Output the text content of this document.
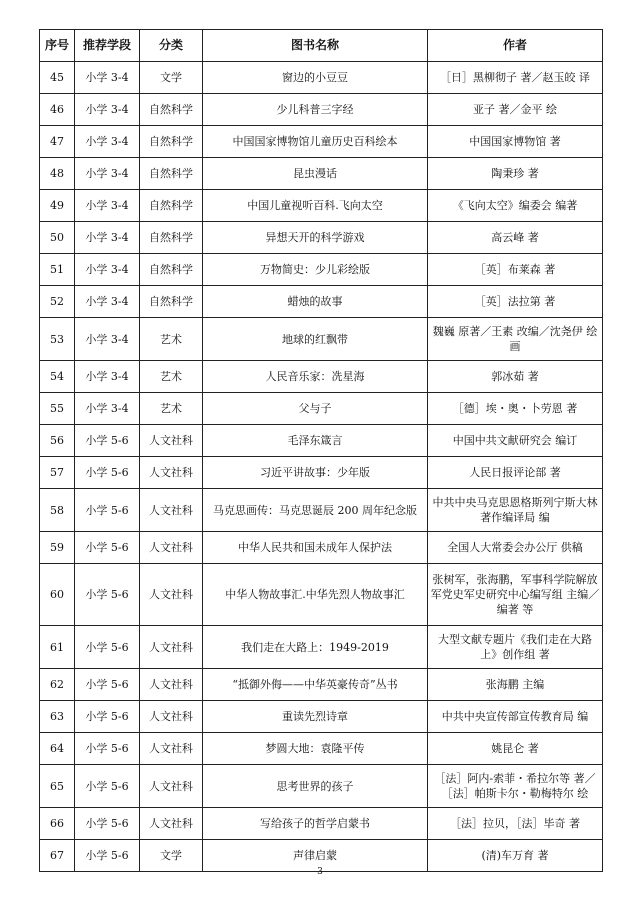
序号	推荐学段	分类	图书名称	作者
45	小学 3-4	文学	窗边的小豆豆	［日］黑柳彻子 著／赵玉皎 译
46	小学 3-4	自然科学	少儿科普三字经	亚子 著／金平 绘
47	小学 3-4	自然科学	中国国家博物馆儿童历史百科绘本	中国国家博物馆 著
48	小学 3-4	自然科学	昆虫漫话	陶秉珍 著
49	小学 3-4	自然科学	中国儿童视听百科.飞向太空	《飞向太空》编委会 编著
50	小学 3-4	自然科学	异想天开的科学游戏	高云峰 著
51	小学 3-4	自然科学	万物简史：少儿彩绘版	［英］布莱森 著
52	小学 3-4	自然科学	蜡烛的故事	［英］法拉第 著
53	小学 3-4	艺术	地球的红飘带	魏巍 原著／王素 改编／沈尧伊 绘画
54	小学 3-4	艺术	人民音乐家：冼星海	郭冰茹 著
55	小学 3-4	艺术	父与子	［德］埃・奥・卜劳恩 著
56	小学 5-6	人文社科	毛泽东箴言	中国中共文献研究会 编订
57	小学 5-6	人文社科	习近平讲故事：少年版	人民日报评论部 著
58	小学 5-6	人文社科	马克思画传：马克思诞辰 200 周年纪念版	中共中央马克思恩格斯列宁斯大林著作编译局 编
59	小学 5-6	人文社科	中华人民共和国未成年人保护法	全国人大常委会办公厅 供稿
60	小学 5-6	人文社科	中华人物故事汇.中华先烈人物故事汇	张树军，张海鹏，军事科学院解放军党史军史研究中心编写组 主编／编著 等
61	小学 5-6	人文社科	我们走在大路上：1949-2019	大型文献专题片《我们走在大路上》创作组 著
62	小学 5-6	人文社科	“抵御外侮——中华英豪传奇”丛书	张海鹏 主编
63	小学 5-6	人文社科	重读先烈诗章	中共中央宣传部宣传教育局 编
64	小学 5-6	人文社科	梦圆大地：袁隆平传	姚昆仑 著
65	小学 5-6	人文社科	思考世界的孩子	［法］阿内-索菲・希拉尔等 著／［法］帕斯卡尔・勒梅特尔 绘
66	小学 5-6	人文社科	写给孩子的哲学启蒙书	［法］拉贝，［法］毕奇 著
67	小学 5-6	文学	声律启蒙	(清)车万育 著
3
